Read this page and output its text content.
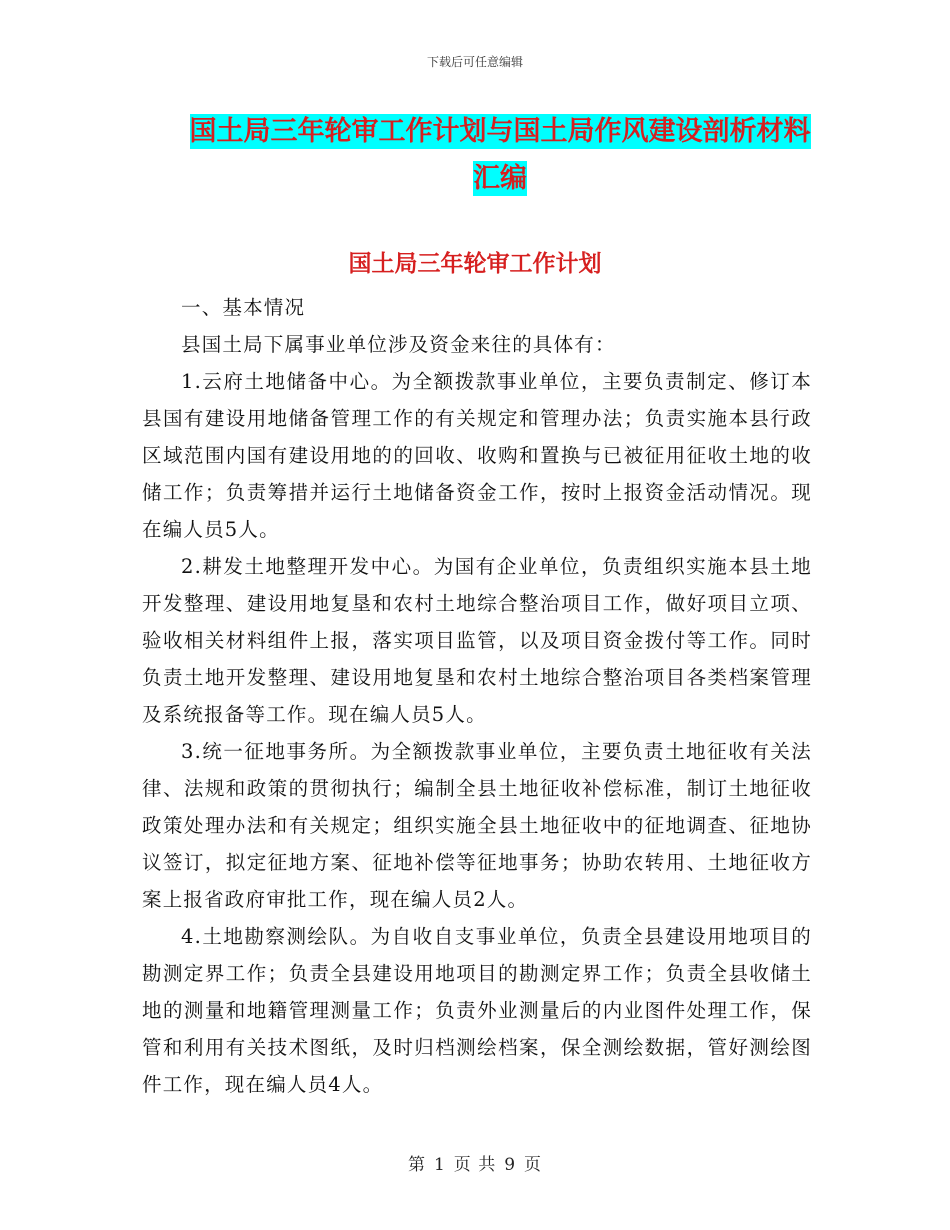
下载后可任意编辑
国土局三年轮审工作计划与国土局作风建设剖析材料
汇编
国土局三年轮审工作计划

一、基本情况

县国土局下属事业单位涉及资金来往的具体有：

1.云府土地储备中心。为全额拨款事业单位，主要负责制定、修订本县国有建设用地储备管理工作的有关规定和管理办法；负责实施本县行政区域范围内国有建设用地的的回收、收购和置换与已被征用征收土地的收储工作；负责筹措并运行土地储备资金工作，按时上报资金活动情况。现在编人员5人。

2.耕发土地整理开发中心。为国有企业单位，负责组织实施本县土地开发整理、建设用地复垦和农村土地综合整治项目工作，做好项目立项、验收相关材料组件上报，落实项目监管，以及项目资金拨付等工作。同时负责土地开发整理、建设用地复垦和农村土地综合整治项目各类档案管理及系统报备等工作。现在编人员5人。

3.统一征地事务所。为全额拨款事业单位，主要负责土地征收有关法律、法规和政策的贯彻执行；编制全县土地征收补偿标准，制订土地征收政策处理办法和有关规定；组织实施全县土地征收中的征地调查、征地协议签订，拟定征地方案、征地补偿等征地事务；协助农转用、土地征收方案上报省政府审批工作，现在编人员2人。

4.土地勘察测绘队。为自收自支事业单位，负责全县建设用地项目的勘测定界工作；负责全县建设用地项目的勘测定界工作；负责全县收储土地的测量和地籍管理测量工作；负责外业测量后的内业图件处理工作，保管和利用有关技术图纸，及时归档测绘档案，保全测绘数据，管好测绘图件工作，现在编人员4人。

第 1 页 共 9 页
